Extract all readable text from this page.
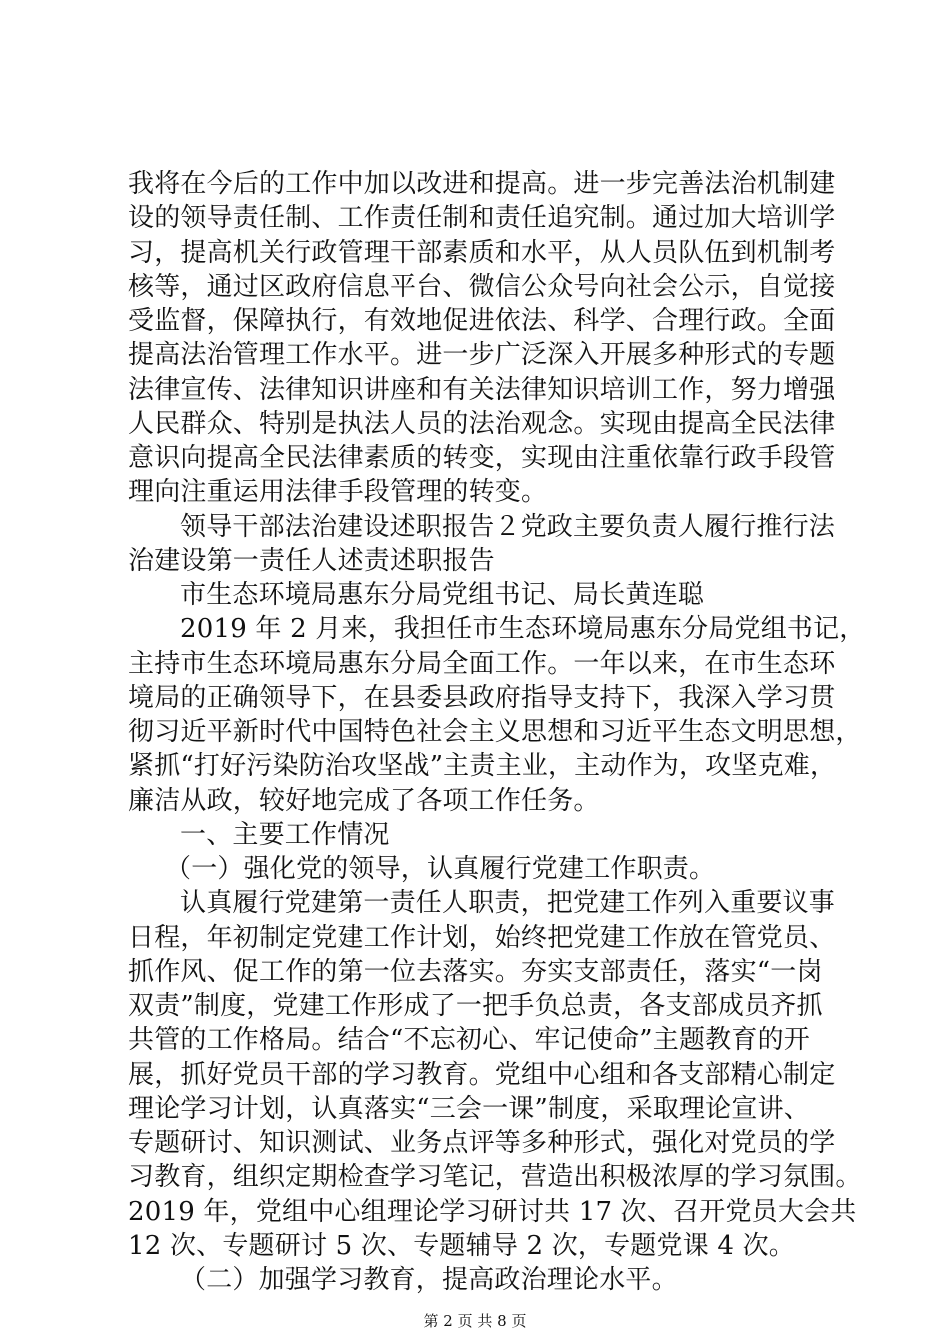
我将在今后的工作中加以改进和提高。进一步完善法治机制建
设的领导责任制、工作责任制和责任追究制。通过加大培训学
习，提高机关行政管理干部素质和水平，从人员队伍到机制考
核等，通过区政府信息平台、微信公众号向社会公示，自觉接
受监督，保障执行，有效地促进依法、科学、合理行政。全面
提高法治管理工作水平。进一步广泛深入开展多种形式的专题
法律宣传、法律知识讲座和有关法律知识培训工作，努力增强
人民群众、特别是执法人员的法治观念。实现由提高全民法律
意识向提高全民法律素质的转变，实现由注重依靠行政手段管
理向注重运用法律手段管理的转变。
领导干部法治建设述职报告２党政主要负责人履行推行法
治建设第一责任人述责述职报告
市生态环境局惠东分局党组书记、局长黄连聪
2019 年 2 月来，我担任市生态环境局惠东分局党组书记，
主持市生态环境局惠东分局全面工作。一年以来，在市生态环
境局的正确领导下，在县委县政府指导支持下，我深入学习贯
彻习近平新时代中国特色社会主义思想和习近平生态文明思想，
紧抓“打好污染防治攻坚战”主责主业，主动作为，攻坚克难，
廉洁从政，较好地完成了各项工作任务。
一、主要工作情况
（一）强化党的领导，认真履行党建工作职责。
认真履行党建第一责任人职责，把党建工作列入重要议事
日程，年初制定党建工作计划，始终把党建工作放在管党员、
抓作风、促工作的第一位去落实。夯实支部责任，落实“一岗
双责”制度，党建工作形成了一把手负总责，各支部成员齐抓
共管的工作格局。结合“不忘初心、牢记使命”主题教育的开
展，抓好党员干部的学习教育。党组中心组和各支部精心制定
理论学习计划，认真落实“三会一课”制度，采取理论宣讲、
专题研讨、知识测试、业务点评等多种形式，强化对党员的学
习教育，组织定期检查学习笔记，营造出积极浓厚的学习氛围。
2019 年，党组中心组理论学习研讨共 17 次、召开党员大会共
12 次、专题研讨 5 次、专题辅导 2 次，专题党课 4 次。
（二）加强学习教育，提高政治理论水平。
第 2 页 共 8 页
